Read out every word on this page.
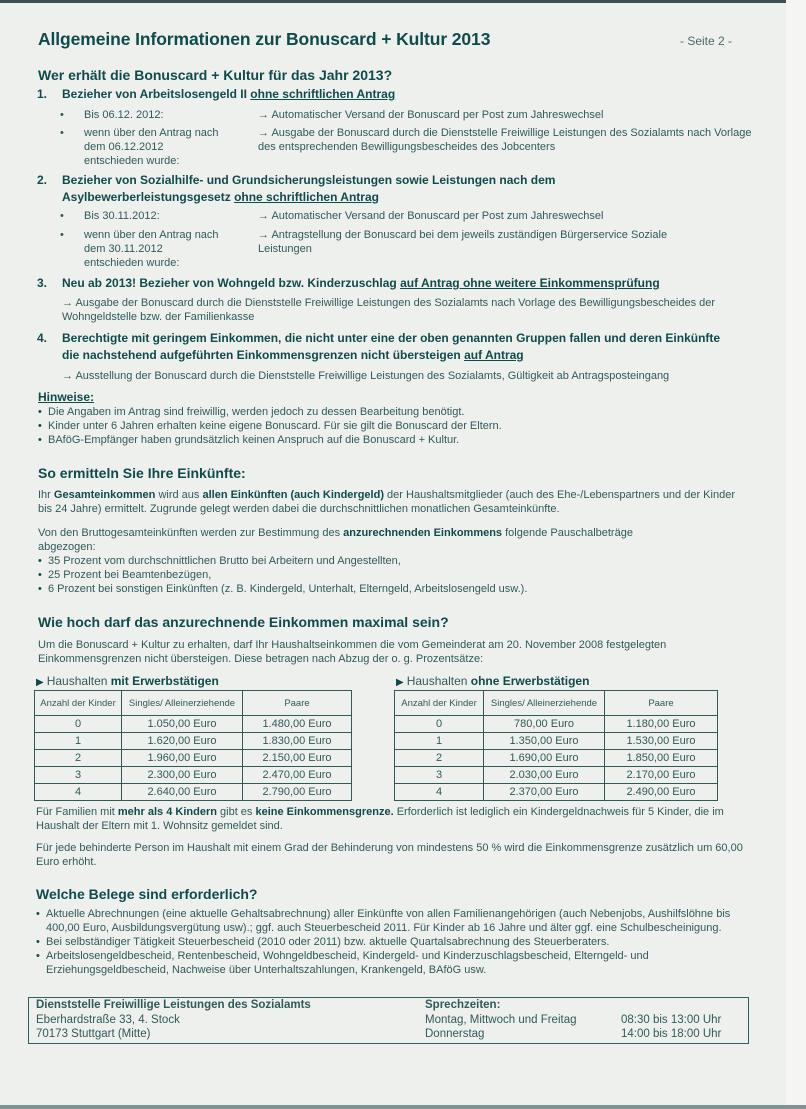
Allgemeine Informationen zur Bonuscard + Kultur 2013	- Seite 2 -
Wer erhält die Bonuscard + Kultur für das Jahr 2013?
1. Bezieher von Arbeitslosengeld II ohne schriftlichen Antrag
• Bis 06.12. 2012:	→ Automatischer Versand der Bonuscard per Post zum Jahreswechsel
• wenn über den Antrag nach dem 06.12.2012 entschieden wurde:
→ Ausgabe der Bonuscard durch die Dienststelle Freiwillige Leistungen des Sozialamts nach Vorlage des entsprechenden Bewilligungsbescheides des Jobcenters
2. Bezieher von Sozialhilfe- und Grundsicherungsleistungen sowie Leistungen nach dem
Asylbewerberleistungsgesetz ohne schriftlichen Antrag
• Bis 30.11.2012:	→ Automatischer Versand der Bonuscard per Post zum Jahreswechsel
• wenn über den Antrag nach dem 30.11.2012 entschieden wurde:
→ Antragstellung der Bonuscard bei dem jeweils zuständigen Bürgerservice Soziale Leistungen
3. Neu ab 2013! Bezieher von Wohngeld bzw. Kinderzuschlag auf Antrag ohne weitere Einkommensprüfung
→ Ausgabe der Bonuscard durch die Dienststelle Freiwillige Leistungen des Sozialamts nach Vorlage des Bewilligungsbescheides der Wohngeldstelle bzw. der Familienkasse
4. Berechtigte mit geringem Einkommen, die nicht unter eine der oben genannten Gruppen fallen und deren Einkünfte
die nachstehend aufgeführten Einkommensgrenzen nicht übersteigen auf Antrag
→ Ausstellung der Bonuscard durch die Dienststelle Freiwillige Leistungen des Sozialamts, Gültigkeit ab Antragsposteingang
Hinweise:
• Die Angaben im Antrag sind freiwillig, werden jedoch zu dessen Bearbeitung benötigt.
• Kinder unter 6 Jahren erhalten keine eigene Bonuscard. Für sie gilt die Bonuscard der Eltern.
• BAföG-Empfänger haben grundsätzlich keinen Anspruch auf die Bonuscard + Kultur.
So ermitteln Sie Ihre Einkünfte:
Ihr Gesamteinkommen wird aus allen Einkünften (auch Kindergeld) der Haushaltsmitglieder (auch des Ehe-/Lebenspartners und der Kinder bis 24 Jahre) ermittelt. Zugrunde gelegt werden dabei die durchschnittlichen monatlichen Gesamteinkünfte.
Von den Bruttogesamteinkünften werden zur Bestimmung des anzurechnenden Einkommens folgende Pauschalbeträge abgezogen:
• 35 Prozent vom durchschnittlichen Brutto bei Arbeitern und Angestellten,
• 25 Prozent bei Beamtenbezügen,
• 6 Prozent bei sonstigen Einkünften (z. B. Kindergeld, Unterhalt, Elterngeld, Arbeitslosengeld usw.).
Wie hoch darf das anzurechnende Einkommen maximal sein?
Um die Bonuscard + Kultur zu erhalten, darf Ihr Haushaltseinkommen die vom Gemeinderat am 20. November 2008 festgelegten Einkommensgrenzen nicht übersteigen. Diese betragen nach Abzug der o. g. Prozentsätze:
▶ Haushalten mit Erwerbstätigen
Anzahl der Kinder	Singles/ Alleinerziehende	Paare
0	1.050,00 Euro	1.480,00 Euro
1	1.620,00 Euro	1.830,00 Euro
2	1.960,00 Euro	2.150,00 Euro
3	2.300,00 Euro	2.470,00 Euro
4	2.640,00 Euro	2.790,00 Euro
▶ Haushalten ohne Erwerbstätigen
Anzahl der Kinder	Singles/ Alleinerziehende	Paare
0	780,00 Euro	1.180,00 Euro
1	1.350,00 Euro	1.530,00 Euro
2	1.690,00 Euro	1.850,00 Euro
3	2.030,00 Euro	2.170,00 Euro
4	2.370,00 Euro	2.490,00 Euro
Für Familien mit mehr als 4 Kindern gibt es keine Einkommensgrenze. Erforderlich ist lediglich ein Kindergeldnachweis für 5 Kinder, die im Haushalt der Eltern mit 1. Wohnsitz gemeldet sind.
Für jede behinderte Person im Haushalt mit einem Grad der Behinderung von mindestens 50 % wird die Einkommensgrenze zusätzlich um 60,00 Euro erhöht.
Welche Belege sind erforderlich?
• Aktuelle Abrechnungen (eine aktuelle Gehaltsabrechnung) aller Einkünfte von allen Familienangehörigen (auch Nebenjobs, Aushilfslöhne bis 400,00 Euro, Ausbildungsvergütung usw).; ggf. auch Steuerbescheid 2011. Für Kinder ab 16 Jahre und älter ggf. eine Schulbescheinigung.
• Bei selbständiger Tätigkeit Steuerbescheid (2010 oder 2011) bzw. aktuelle Quartalsabrechnung des Steuerberaters.
• Arbeitslosengeldbescheid, Rentenbescheid, Wohngeldbescheid, Kindergeld- und Kinderzuschlagsbescheid, Elterngeld- und Erziehungsgeldbescheid, Nachweise über Unterhaltszahlungen, Krankengeld, BAföG usw.
Dienststelle Freiwillige Leistungen des Sozialamts
Eberhardstraße 33, 4. Stock
70173 Stuttgart (Mitte)
Sprechzeiten:
Montag, Mittwoch und Freitag	08:30 bis 13:00 Uhr
Donnerstag	14:00 bis 18:00 Uhr
